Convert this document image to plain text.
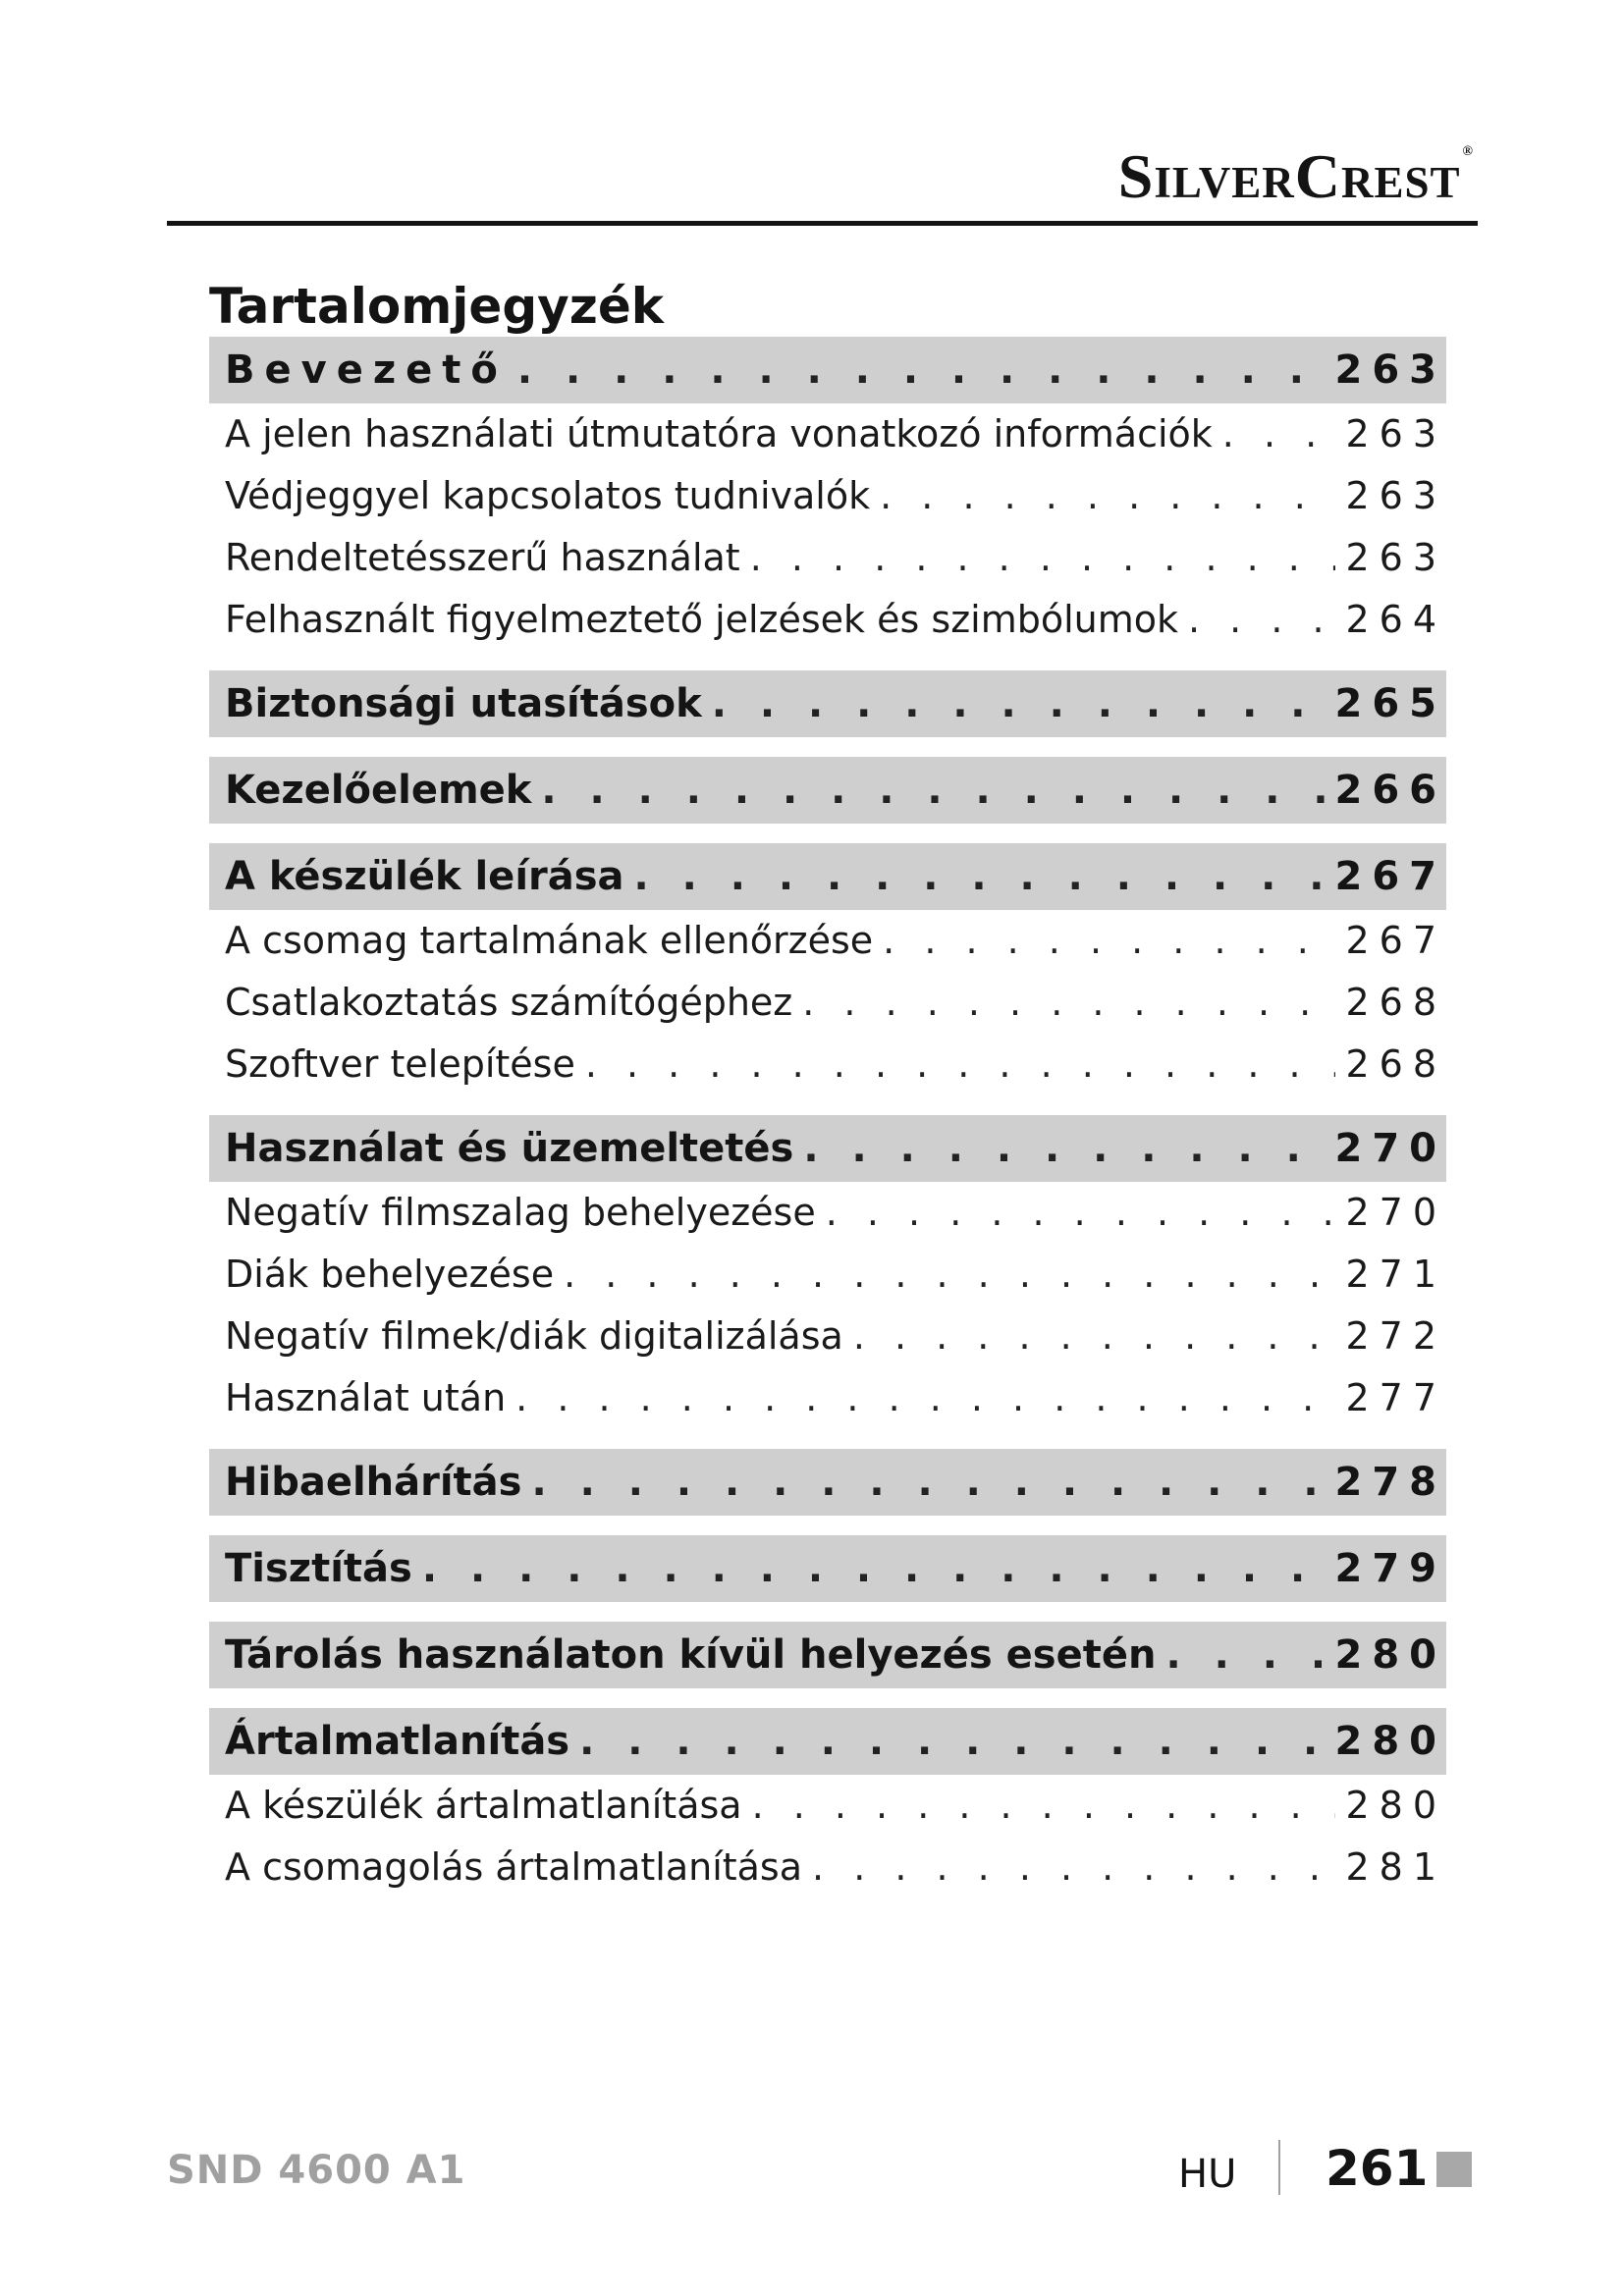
SilverCrest ®
Tartalomjegyzék
Bevezető . . .	263
A jelen használati útmutatóra vonatkozó információk . . .	263
Védjeggyel kapcsolatos tudnivalók . . .	263
Rendeltetésszerű használat . . .	263
Felhasznált figyelmeztető jelzések és szimbólumok . . .	264
Biztonsági utasítások . . .	265
Kezelőelemek . . .	266
A készülék leírása . . .	267
A csomag tartalmának ellenőrzése . . .	267
Csatlakoztatás számítógéphez . . .	268
Szoftver telepítése . . .	268
Használat és üzemeltetés . . .	270
Negatív filmszalag behelyezése . . .	270
Diák behelyezése . . .	271
Negatív filmek/diák digitalizálása . . .	272
Használat után . . .	277
Hibaelhárítás . . .	278
Tisztítás . . .	279
Tárolás használaton kívül helyezés esetén . . .	280
Ártalmatlanítás . . .	280
A készülék ártalmatlanítása . . .	280
A csomagolás ártalmatlanítása . . .	281
SND 4600 A1	HU 261
